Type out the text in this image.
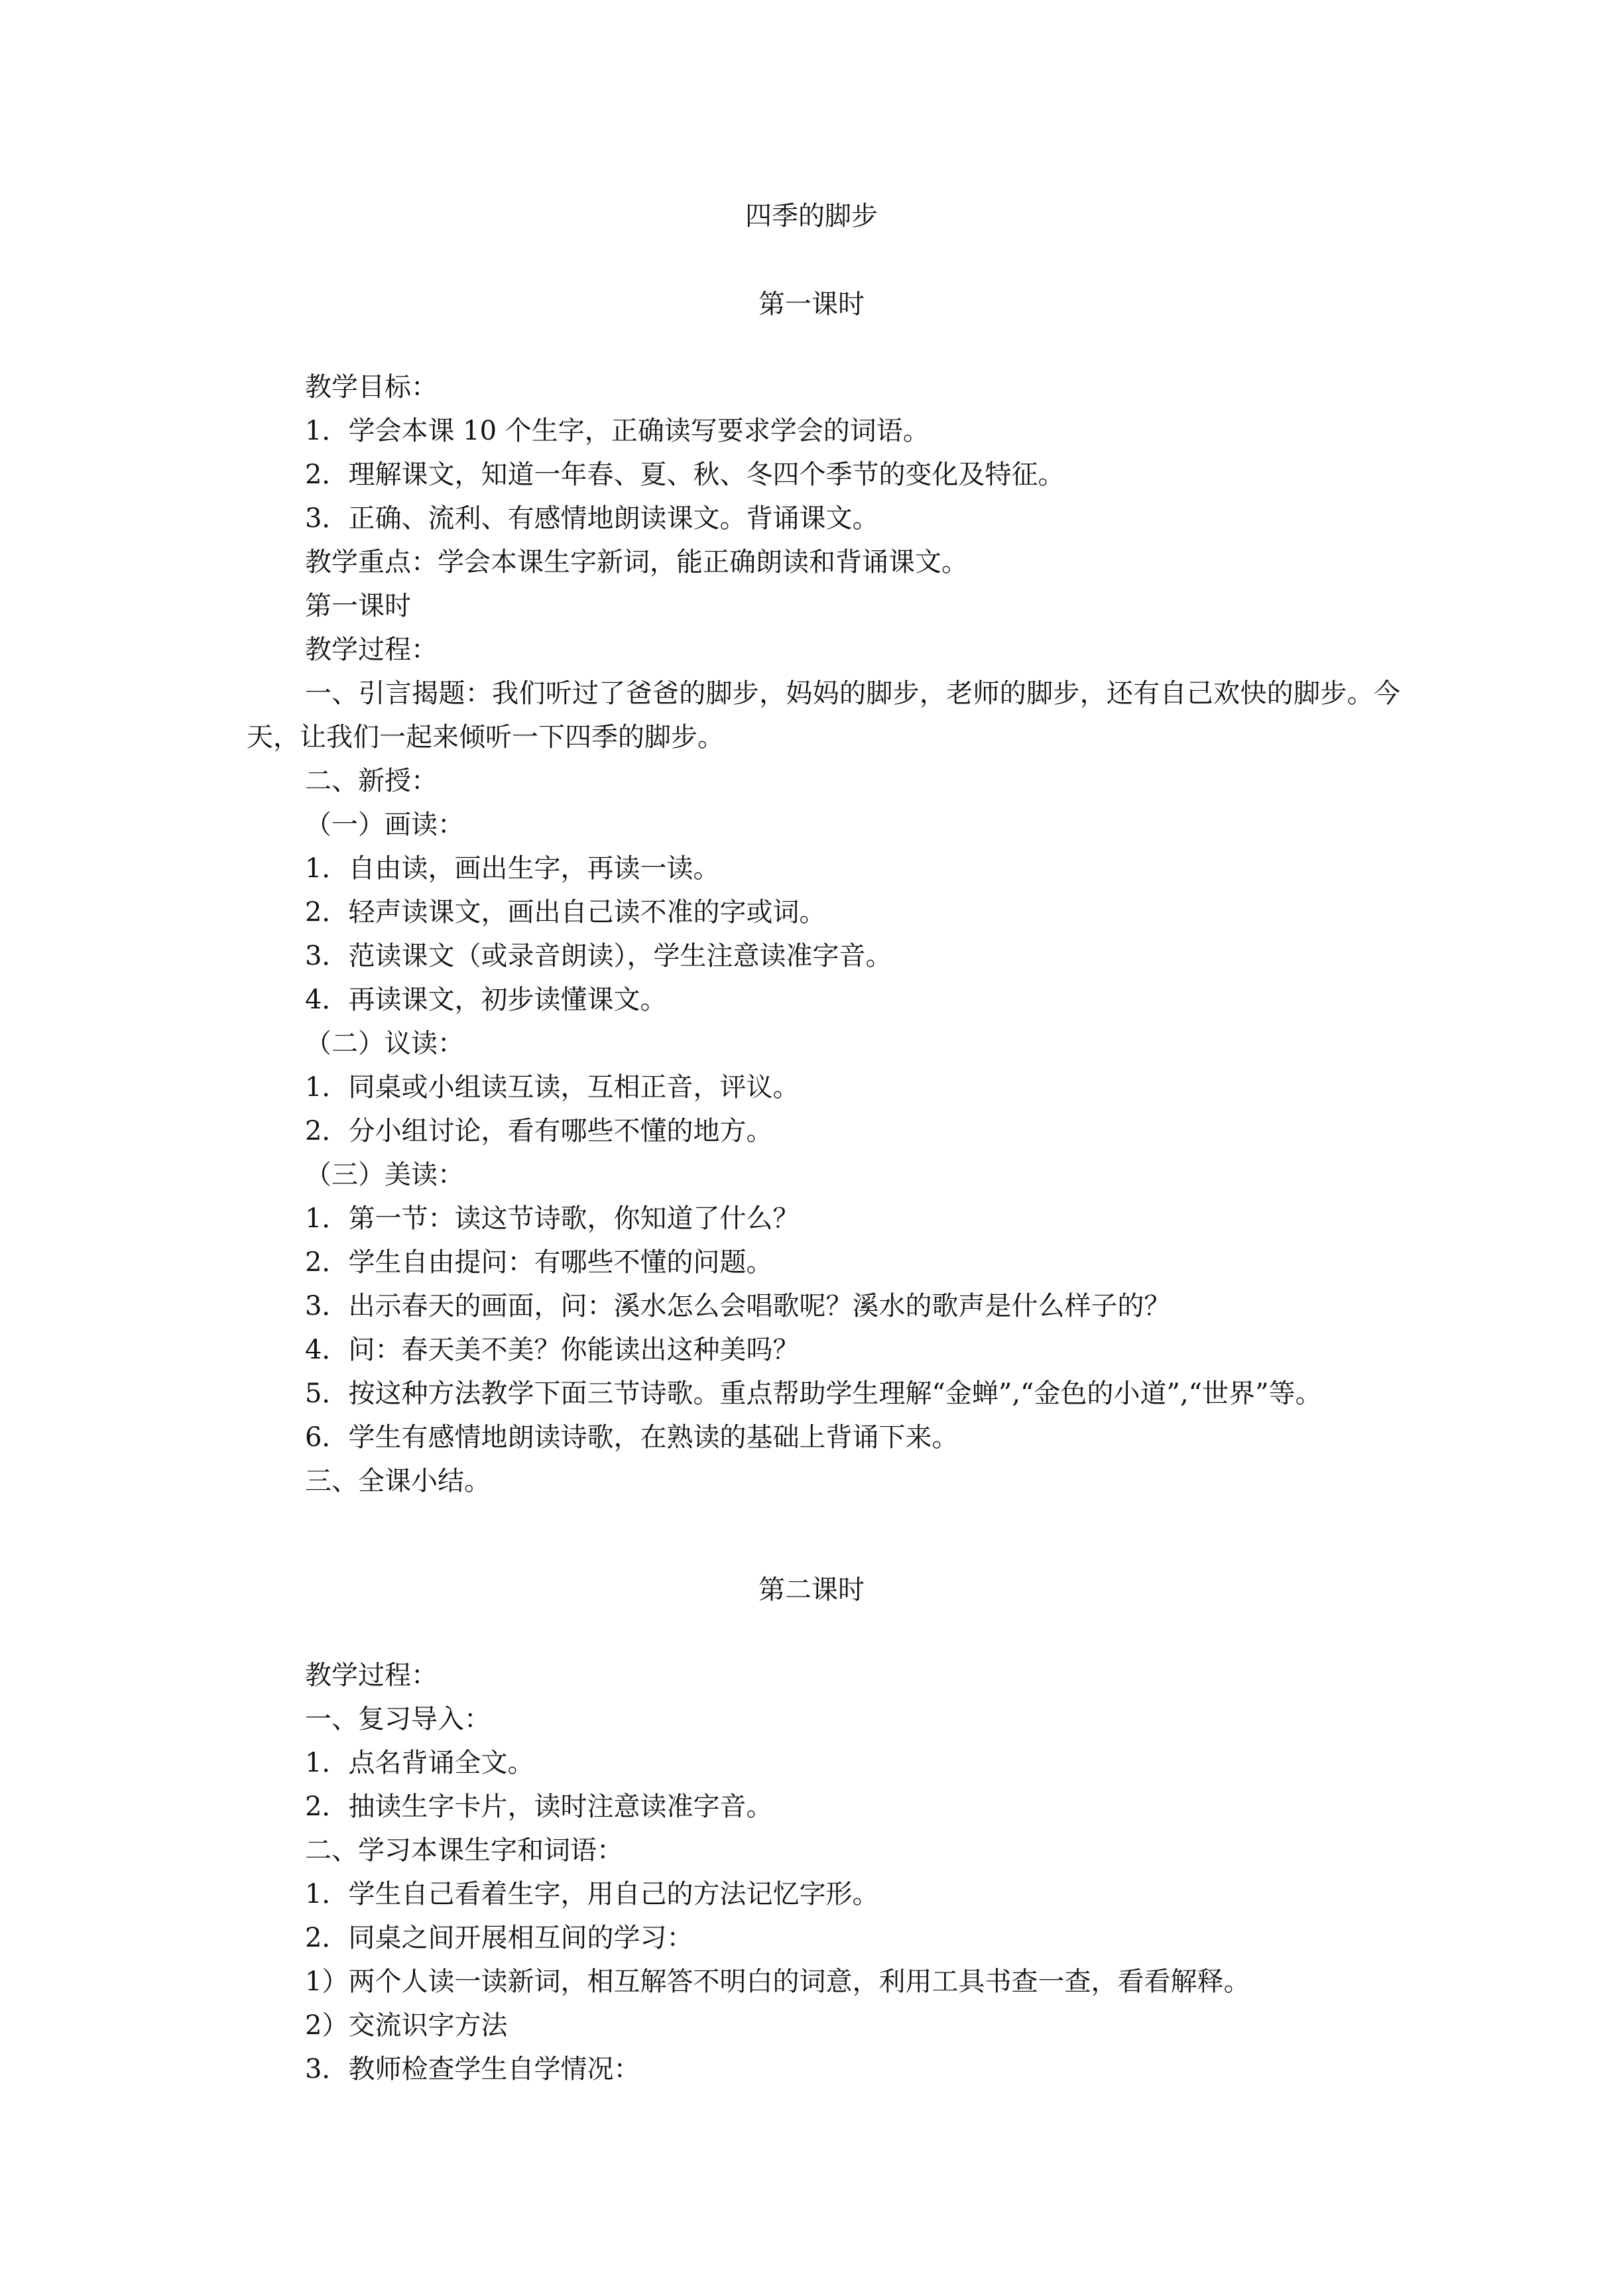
四季的脚步
第一课时

教学目标：

1．学会本课 10 个生字，正确读写要求学会的词语。

2．理解课文，知道一年春、夏、秋、冬四个季节的变化及特征。

3．正确、流利、有感情地朗读课文。背诵课文。

教学重点：学会本课生字新词，能正确朗读和背诵课文。

第一课时

教学过程：

一、引言揭题：我们听过了爸爸的脚步，妈妈的脚步，老师的脚步，还有自己欢快的脚步。今天，让我们一起来倾听一下四季的脚步。

二、新授：

（一）画读：

1．自由读，画出生字，再读一读。

2．轻声读课文，画出自己读不准的字或词。

3．范读课文（或录音朗读），学生注意读准字音。

4．再读课文，初步读懂课文。

（二）议读：

1．同桌或小组读互读，互相正音，评议。

2．分小组讨论，看有哪些不懂的地方。

（三）美读：

1．第一节：读这节诗歌，你知道了什么？

2．学生自由提问：有哪些不懂的问题。

3．出示春天的画面，问：溪水怎么会唱歌呢？溪水的歌声是什么样子的？

4．问：春天美不美？你能读出这种美吗？

5．按这种方法教学下面三节诗歌。重点帮助学生理解“金蝉”,“金色的小道”,“世界”等。

6．学生有感情地朗读诗歌，在熟读的基础上背诵下来。

三、全课小结。

第二课时

教学过程：

一、复习导入：

1．点名背诵全文。

2．抽读生字卡片，读时注意读准字音。

二、学习本课生字和词语：

1．学生自己看着生字，用自己的方法记忆字形。

2．同桌之间开展相互间的学习：

1）两个人读一读新词，相互解答不明白的词意，利用工具书查一查，看看解释。

2）交流识字方法

3．教师检查学生自学情况：
